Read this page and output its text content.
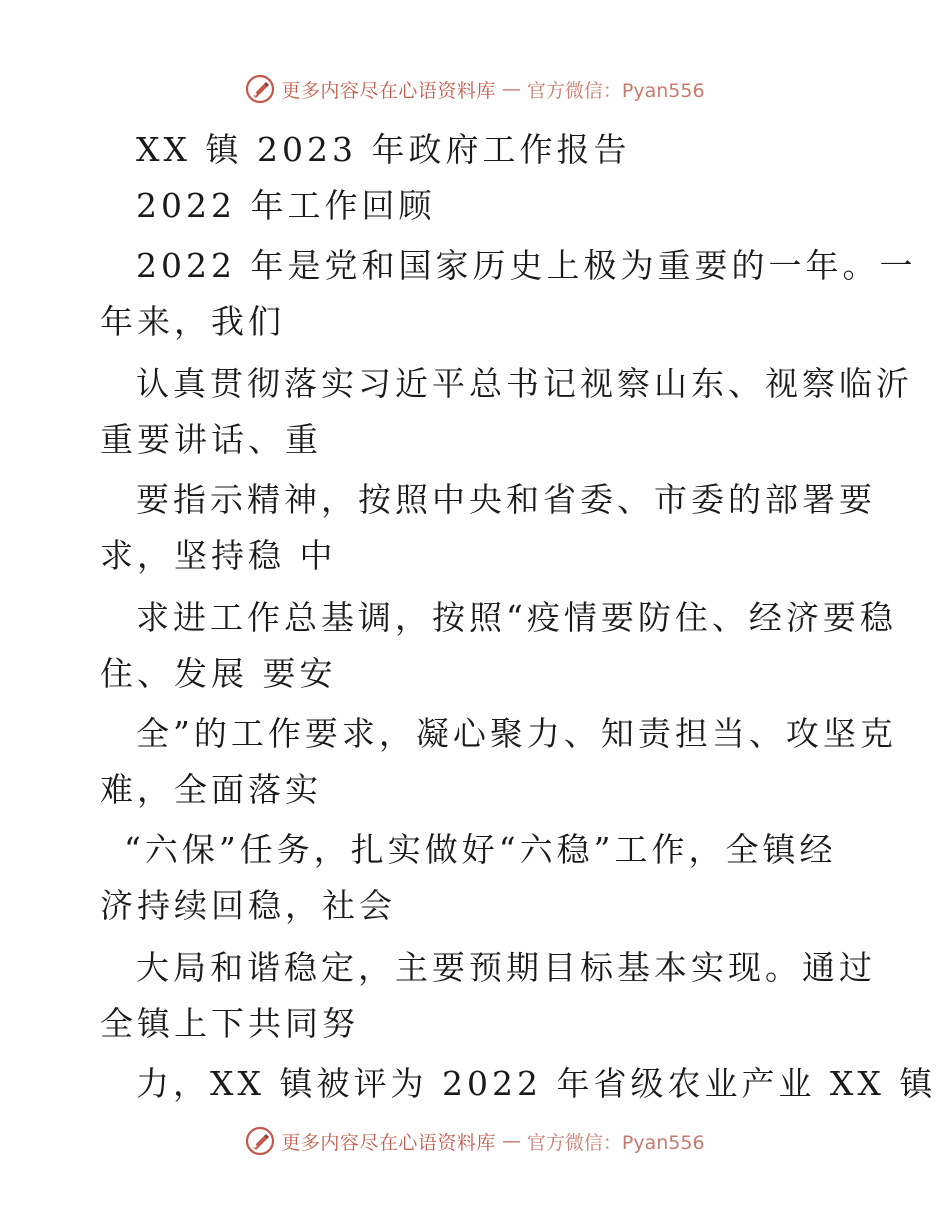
更多内容尽在心语资料库 — 官方微信：Pyan556
XX 镇 2023 年政府工作报告
2022 年工作回顾
2022 年是党和国家历史上极为重要的一年。一
年来，我们
认真贯彻落实习近平总书记视察山东、视察临沂
重要讲话、重
要指示精神，按照中央和省委、市委的部署要
求，坚持稳 中
求进工作总基调，按照“疫情要防住、经济要稳
住、发展 要安
全”的工作要求，凝心聚力、知责担当、攻坚克
难，全面落实
“六保”任务，扎实做好“六稳”工作，全镇经
济持续回稳，社会
大局和谐稳定，主要预期目标基本实现。通过
全镇上下共同努
力，XX 镇被评为 2022 年省级农业产业 XX 镇
更多内容尽在心语资料库 — 官方微信：Pyan556
